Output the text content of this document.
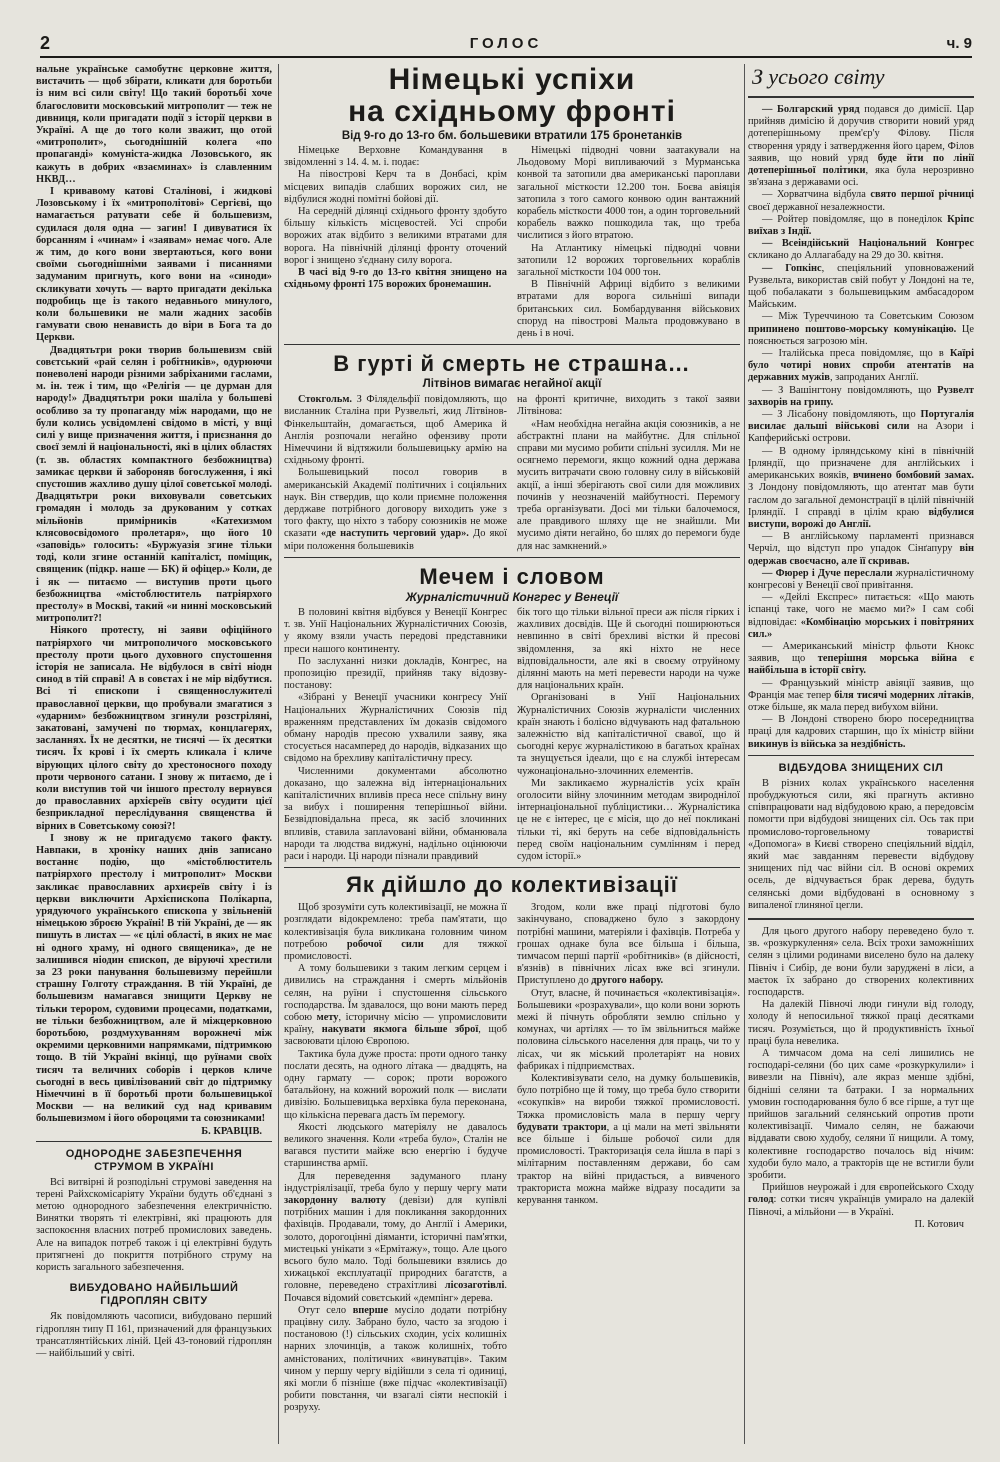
2	ГОЛОС	ч. 9

нальне українське самобутнє церковне життя, вистачить — щоб збірати, кликати для боротьби із ним всі сили світу! Що такий боротьбі хоче благословити московський митрополит — теж не дивниця, коли пригадати події з історії церкви в Україні. А ще до того коли звaжит, що отой «митрополит», сьогоднішній колега «по пропаганді» комуніста-жидка Лозовського, як кажуть в добрих «взаєминах» із славленним НКВД…

І кривавому катові Сталінові, і жидкові Лозовському і їх «митрополітові» Сергієві, що намагається ратувати себе й большевизм, судилася доля одна — загин! І дивуватися їх борсанням і «чинам» і «заявам» немає чого. Але ж тим, до кого вони звертаються, кого вони своїми сьогоднішніми заявами і писаннями задуманим пригнуть, кого вони на «синоди» скликувати хочуть — варто пригадати декілька подробиць ще із такого недавнього минулого, коли большевики не мали жадних засобів гамувати свою ненависть до віри в Бога та до Церкви.

Двадцятьтри роки творив большевизм свій совєтський «рай селян і робітників», одурюючи поневолені народи різними забріханими гаслами, м. ін. теж і тим, що «Релігія — це дурман для народу!» Двадцятьтри роки шаліла у большеві особливо за ту пропаганду між народами, що не були колись усвідомлені свідомо в місті, у вщі силі у вище призначення життя, і приєзнання до своєї землі й національності, які в цілих областях (т. зв. областях компактного безбожництва) замикає церкви й забороняв богослуження, і які спустошив жахливо душу цілої советської молоді. Двадцятьтри роки виховували советських громадян і молодь за друкованим у сотках мільйонів примірників «Катехизмом клясовосвідомого пролетаря», що його 10 «заповідь» голосить: «Буржуазія згине тільки тоді, коли згине останній капіталіст, поміщик, священик (підкр. наше — БК) й офіцер.» Коли, де і як — питаємо — виступив проти цього безбожництва «містоблюститель патріярхого престолу» в Москві, такий «и нинні московський митрополит?!

Ніякого протесту, ні заяви офіційного патріярхого чи митрополичого московського престолу проти цього духовного спустошення історія не записала. Не відбулося в світі ніодн синод в тій справі! А в совєтах і не мір відбутися. Всі ті єпископи і священнослужителі православної церкви, що пробували змагатися з «ударним» безбожництвом згинули розстріляні, закатовані, замучені по тюрмах, концлагерях, засланнях. Їх не десятки, не тисячі — їх десятки тисяч. Їх крові і їх смерть кликала і кличе вірующих цілого світу до хрестоносного походу проти червоного сатани. І знову ж питаємо, де і коли виступив той чи іншого престолу вернувся до православних архієреїв світу осудити цієї безприкладної переслідування священства й вірних в Советському союзі?!

І знову ж не пригадуємо такого факту. Навпаки, в хроніку наших днів записано востаннє подію, що «містоблюститель патріярхого престолу і митрополит» Москви закликає православних архиєреїв світу і із церкви виключити Архієпископа Полікарпа, урядуючого українського єпископа у звільненій німецькою зброєю Україні! В тій Україні, де — як пишуть в листах — «є цілі області, в яких не має ні одного храму, ні одного священика», де не залишився ніодин єпископ, де віруючі хрестили за 23 роки панування большевизму перейшли страшну Голготу страждання. В тій Україні, де большевизм намагався знищити Церкву не тільки терором, судовими процесами, податками, не тільки безбожництвом, але й міжцерковною боротьбою, роздмухуванням ворожнечі між окремими церковними напрямками, підтримкою тощо. В тій Україні вкінці, що руїнами своїх тисяч та величних соборів і церков кличе сьогодні в весь цивілізований світ до підтримку Німеччині в її боротьбі проти большевицької Москви — на великий суд над кривавим большевизмом і його обороцями та союзниками!

Б. КРАВЦІВ.
ОДНОРОДНЕ ЗАБЕЗПЕЧЕННЯ СТРУМОМ В УКРАЇНІ

Всі витвірні й розподільні струмові заведення на терені Райхскомісаріяту України будуть об'єднані з метою однородного забезпечення електричністю. Винятки творять ті електрівні, які працюють для заспокоєння власних потреб промислових заведень. Але на випадок потреб також і ці електрівні будуть притягнені до покриття потрібного струму на користь загального забезпечення.

ВИБУДОВАНО НАЙБІЛЬШИЙ ГІДРОПЛЯН СВІТУ

Як повідомляють часописи, вибудовано перший гідроплян типу П 161, призначений для французьких трансатлянтійських ліній. Цей 43-тоновий гідроплян — найбільший у світі.

Німецькі успіхи
на східньому фронті
Від 9-го до 13-го бм. большевики втратили 175 бронетанків

Німецьке Верховне Командування в звідомленні з 14. 4. м. і. подає:

На півострові Керч та в Донбасі, крім місцевих випадів слабших ворожих сил, не відбулися жодні помітні бойові дії.

На середній ділянці східнього фронту здобуто більшу кількість місцевостей. Усі спроби ворожих атак відбито з великими втратами для ворога. На північній ділянці фронту оточений ворог і знищено з'єднану силу ворога.

В часі від 9-го до 13-го квітня знищено на східньому фронті 175 ворожих бронемашин.

Німецькі підводні човни заатакували на Льодовому Морі випливаючий з Мурманська конвой та затопили два американські пароплави загальної місткости 12.200 тон. Боєва авіяція затопила з того самого конвою один вантажний корабель місткости 4000 тон, а один торговельний корабель важко пошкодила так, що треба числитися з його втратою.

На Атлантику німецькі підводні човни затопили 12 ворожих торговельних кораблів загальної місткости 104 000 тон.

В Північній Африці відбито з великими втратами для ворога сильніші випади британських сил. Бомбардування військових споруд на півострові Мальта продовжувано в день і в ночі.

В гурті й смерть не страшна…
Літвінов вимагає негайної акції

Стокгольм. З Філядельфії повідомляють, що висланник Сталіна при Рузвельті, жид Літвінов-Фінкельштайн, домагається, щоб Америка й Англія розпочали негайно офензиву проти Німеччини й відтяжили большевицьку армію на східньому фронті.

Большевицький посол говорив в американській Академії політичних і соціяльних наук. Він ствердив, що коли приємне положення дерджаве потрібного договору виходить уже з того факту, що ніхто з табору союзників не може сказати «де наступить черговий удар». До якої міри положення большевиків

на фронті критичне, виходить з такої заяви Літвінова:

«Нам необхідна негайна акція союзників, а не абстрактні плани на майбутнє. Для спільної справи ми мусимо робити спільні зусилля. Ми не осягнемо перемоги, якщо кожний одна держава мусить витрачати свою головну силу в військовій акції, а інші зберігають свої сили для можливих починів у неозначеній майбутності. Перемогу треба організувати. Досі ми тільки балочемося, але правдивого шляху ще не знайшли. Ми мусимо діяти негайно, бо шлях до перемоги буде для нас замкнений.»

Мечем і словом
Журналістичний Конгрес у Венеції

В половині квітня відбувся у Венеції Конгрес т. зв. Унії Національних Журналістичних Союзів, у якому взяли участь передові представники преси нашого континенту.

По заслуханні низки докладів, Конгрес, на пропозицію президії, прийняв таку відозву-постанову:

«Зібрані у Венеції учасники конгресу Унії Національних Журналістичних Союзів під враженням представлених їм доказів свідомого обману народів пресою ухвалили заяву, яка стосується насамперед до народів, відказаних що свідомо на брехливу капіталістичну пресу.

Численними документами абсолютно доказано, що залежна від інтернаціональних капіталістичних впливів преса несе спільну вину за вибух і поширення теперішньої війни. Безвідповідальна преса, як засіб злочинних впливів, ставила заплаvованi війни, обманювала народи та людства виджуні, надільно оцінюючи раси і народи. Ці народи пізнали правдивий

бік того що тільки вільної преси аж після гірких і жахливих досвідів. Ще й сьогодні поширюються невпинно в світі брехливі вістки й пресові звідомлення, за які ніхто не несе відповідальности, але які в своєму отруйному ділянні мають на меті перевести народи на чуже для національних країн.

Організовані в Унії Національних Журналістичних Союзів журналісти численних країн знають і болісно відчувають над фатальною залежністю від капіталістичної свавої, що й сьогодні керує журналістикою в багатьох країнах та знущується ідеали, що є на службі інтересам чужонаціонально-злочинних елементів.

Ми закликаємо журналістів усіх країн оголосити війну злочинним методам звироднілої інтернаціональної публіцистики… Журналістика це не є інтерес, це є місія, що до неї покликані тільки ті, які беруть на себе відповідальність перед своїм національним сумлінням і перед судом історії.»

Як дійшло до колективізації

Щоб зрозуміти суть колективізації, не можна її розглядати відокремлено: треба пам'ятати, що колективізація була викликана головним чином потребою робочої сили для тяжкої промисловості.

А тому большевики з таким легким серцем і дивились на страждання і смерть мільйонів селян, на руїни і спустошення сільського господарства. Їм здавалося, що вони мають перед собою мету, історичну місію — упромисловити країну, накувати якмога більше зброї, щоб засвоювати цілою Європою.

Тактика була дуже проста: проти одного танку послати десять, на одного літака — двадцять, на одну гармату — сорок; проти ворожого батальйону, на кожний ворожий полк — вислати дивізію. Большевицька верхівка була переконана, що кількісна перевага дасть їм перемогу.

Якості людського матеріялу не давалось великого значення. Коли «треба було», Сталін не вагався пустити майже всю енергію і будуче старшинства армії.

Для переведення задуманого плану індустріялізації, треба було у першу чергу мати закордонну валюту (девізи) для купівлі потрібних машин і для покликання закордонних фахівців. Продавали, тому, до Англії і Америки, золото, дорогоцінні діяманти, історичні пам'ятки, мистецькі унікати з «Ермітажу», тощо. Але цього всього було мало. Тоді большевики взялись до хижацької експлуатації природних багатств, а головне, переведено страхітливі лісозаготівлі. Почався відомий совєтський «демпінг» дерева.

Отут село вперше мусіло додати потрібну працівну силу. Забрано було, часто за згодою і постановою (!) сільських сходин, усіх колишніх нарних злочинців, а також колишніх, тобто амністованих, політичних «винуватців». Таким чином у першу чергу відійшли з села ті одиниці, які могли б пізніше (вже підчас «колективізації) робити повстання, чи взагалі сіяти неспокій і розруху.

Згодом, коли вже праці підготові було закінчувано, споваджено було з закордону потрібні машини, матеріяли і фахівців. Потреба у грошах однаке була все більша і більша, тимчасом перші партії «робітників» (в дійсності, в'язнів) в північних лісах вже всі згинули. Приступлено до другого набору.

Отут, власне, й починається «колективізація». Большевики «розрахували», що коли вони зорють межі й пічнуть обробляти землю спільно у комунах, чи артілях — то їм звільниться майже половина сільського населення для праць, чи то у лісах, чи як міський пролетаріят на нових фабриках і підприємствах.

Колективізувати село, на думку большевиків, було потрібно ще й тому, що треба було створити «сокупків» на вироби тяжкої промисловості. Тяжка промисловість мала в першу чергу будувати трактори, а ці мали на меті звільняти все більше і більше робочої сили для промисловості. Тракторизація села йшла в парі з мілітарним поставленням держави, бо сам трактор на війні придасться, а вивченого тракториста можна майже відразу посадити за керування танком.

З усього світу

— Болгарский уряд подався до димісії. Цар прийняв димісію й доручив створити новий уряд дотеперішньому прем'єр'у Філову. Після створення уряду і затвердження його царем, Філов заявив, що новий уряд буде йти по лінії дотеперішньої політики, яка була нерозривно зв'язана з державами осі.

— Хорватчина відбула свято першої річниці своєї державної незалежности.

— Ройтер повідомляє, що в понеділок Кріпс виїхав з Індії.

— Всеіндійський Національний Конгрес скликано до Аллагабаду на 29 до 30. квітня.

— Гопкінс, спеціяльний уповноважений Рузвельта, використав свій побут у Лондоні на те, щоб побалакати з большевицьким амбасадором Майським.

— Між Туреччиною та Советським Союзом припинено поштово-морську комунікацію. Це пояснюється загрозою мін.

— Італійська преса повідомляє, що в Каїрі було чотирі нових спроби атентатів на державних мужів, запроданих Англії.

— З Вашінгтону повідомляють, що Рузвелт захворів на грипу.

— З Лісабону повідомляють, що Португалія висилає дальші військові сили на Азори і Капферийські острови.

— В одному ірляндському кіні в північній Ірляндії, що призначене для англійських і американських вояків, вчинено бомбовий замах. З Лондону повідомляють, що атентат мав бути гаслом до загальної демонстрації в цілій північній Ірляндії. І справді в цілім краю відбулися виступи, ворожі до Англії.

— В англійському парламенті признався Черчіл, що відступ про упадок Сінґапуру він одержав своєчасно, але її скривав.

— Фюрер і Дуче переслали журналістичному конгресові у Венеції свої привітання.

— «Дейлі Експрес» питається: «Що мають іспанці таке, чого не маємо ми?» І сам собі відповідає: «Комбінацію морських і повітряних сил.»

— Американський міністр фльоти Кнокс заявив, що теперішня морська війна є найбільша в історії світу.

— Французький міністр авіяції заявив, що Франція має тепер біля тисячі модерних літаків, отже більше, як мала перед вибухом війни.

— В Лондоні створено бюро посередництва праці для кадрових старшин, що їх міністр війни викинув із війська за нездібність.

ВІДБУДОВА ЗНИЩЕНИХ СІЛ

В різних колах українського населення пробуджуються сили, які прагнуть активно співпрацювати над відбудовою краю, а передовсім помогти при відбудові знищених сіл. Ось так при промислово-торговельному товаристві «Допомога» в Києві створено спеціяльний відділ, який має завданням перевести відбудову знищених під час війни сіл. В основі окремих осель, де відчувається брак дерева, будуть селянські доми відбудовані в основному з випаленої глиняної цегли.

Для цього другого набору переведено було т. зв. «розкуркулення» села. Всіх трохи заможніших селян з цілими родинами виселено було на далеку Північ і Сибір, де вони були заруджені в ліси, а маєток їх забрано до створених колективних господарств.

На далекій Півночі люди гинули від голоду, холоду й непосильної тяжкої праці десятками тисяч. Розуміється, що й продуктивність їхньої праці була невелика.

А тимчасом дома на селі лишились не господарі-селяни (бо цих саме «розкуркулили» і вивезли на Північ), але якраз менше здібні, бідніші селяни та батраки. І за нормальних умовин господарювання було б все гірше, а тут ще прийшов загальний селянський опротив проти колективізації. Чимало селян, не бажаючи віддавати свою худобу, селяни її нищили. А тому, колективне господарство почалось від нічим: худоби було мало, а тракторів ще не встигли були зробити.

Прийшов неурожай і для європейського Сходу голод: сотки тисяч українців умирало на далекій Півночі, а мільйони — в Україні.

П. Котович
